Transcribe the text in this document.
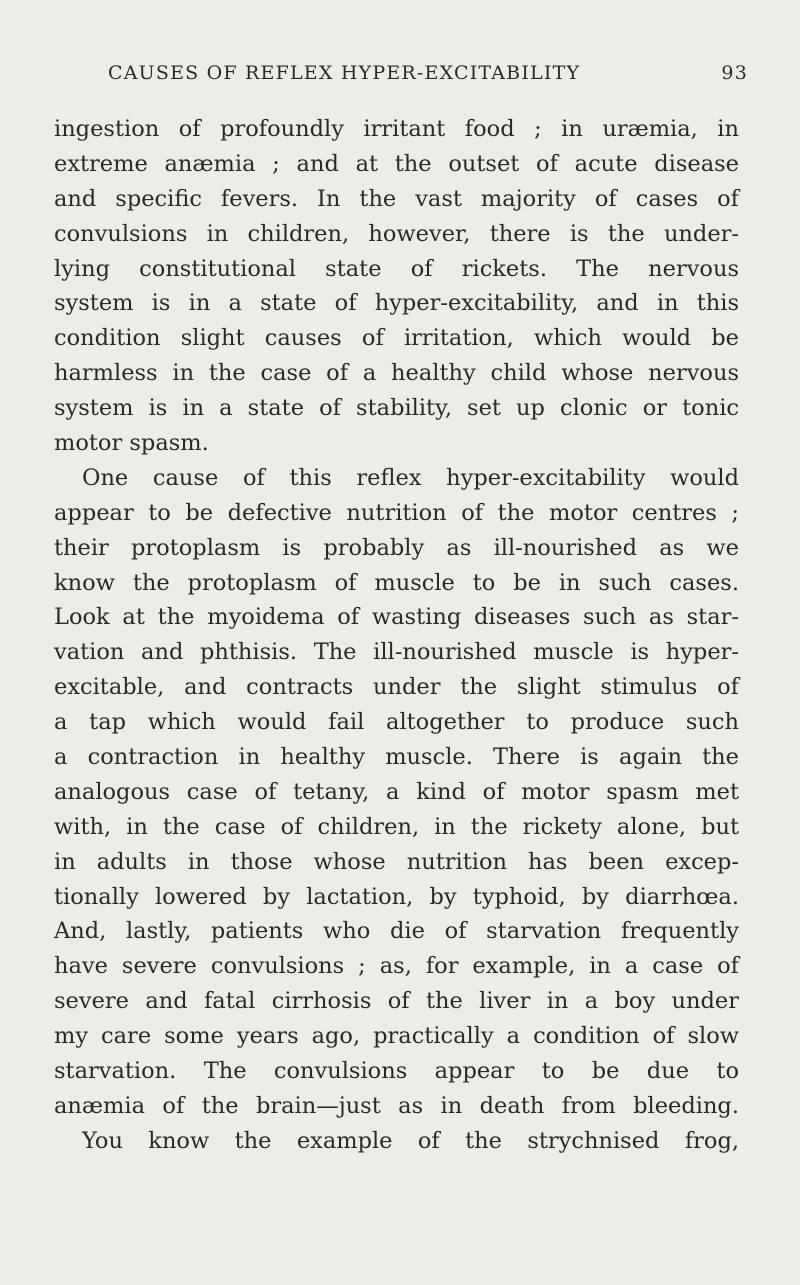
CAUSES OF REFLEX HYPER-EXCITABILITY	93
ingestion of profoundly irritant food ; in uræmia, in
extreme anæmia ; and at the outset of acute disease
and specific fevers. In the vast majority of cases of
convulsions in children, however, there is the under-
lying constitutional state of rickets. The nervous
system is in a state of hyper-excitability, and in this
condition slight causes of irritation, which would be
harmless in the case of a healthy child whose nervous
system is in a state of stability, set up clonic or tonic
motor spasm.
One cause of this reflex hyper-excitability would
appear to be defective nutrition of the motor centres ;
their protoplasm is probably as ill-nourished as we
know the protoplasm of muscle to be in such cases.
Look at the myoidema of wasting diseases such as star-
vation and phthisis. The ill-nourished muscle is hyper-
excitable, and contracts under the slight stimulus of
a tap which would fail altogether to produce such
a contraction in healthy muscle. There is again the
analogous case of tetany, a kind of motor spasm met
with, in the case of children, in the rickety alone, but
in adults in those whose nutrition has been excep-
tionally lowered by lactation, by typhoid, by diarrhœa.
And, lastly, patients who die of starvation frequently
have severe convulsions ; as, for example, in a case of
severe and fatal cirrhosis of the liver in a boy under
my care some years ago, practically a condition of slow
starvation. The convulsions appear to be due to
anæmia of the brain—just as in death from bleeding.
You know the example of the strychnised frog,
